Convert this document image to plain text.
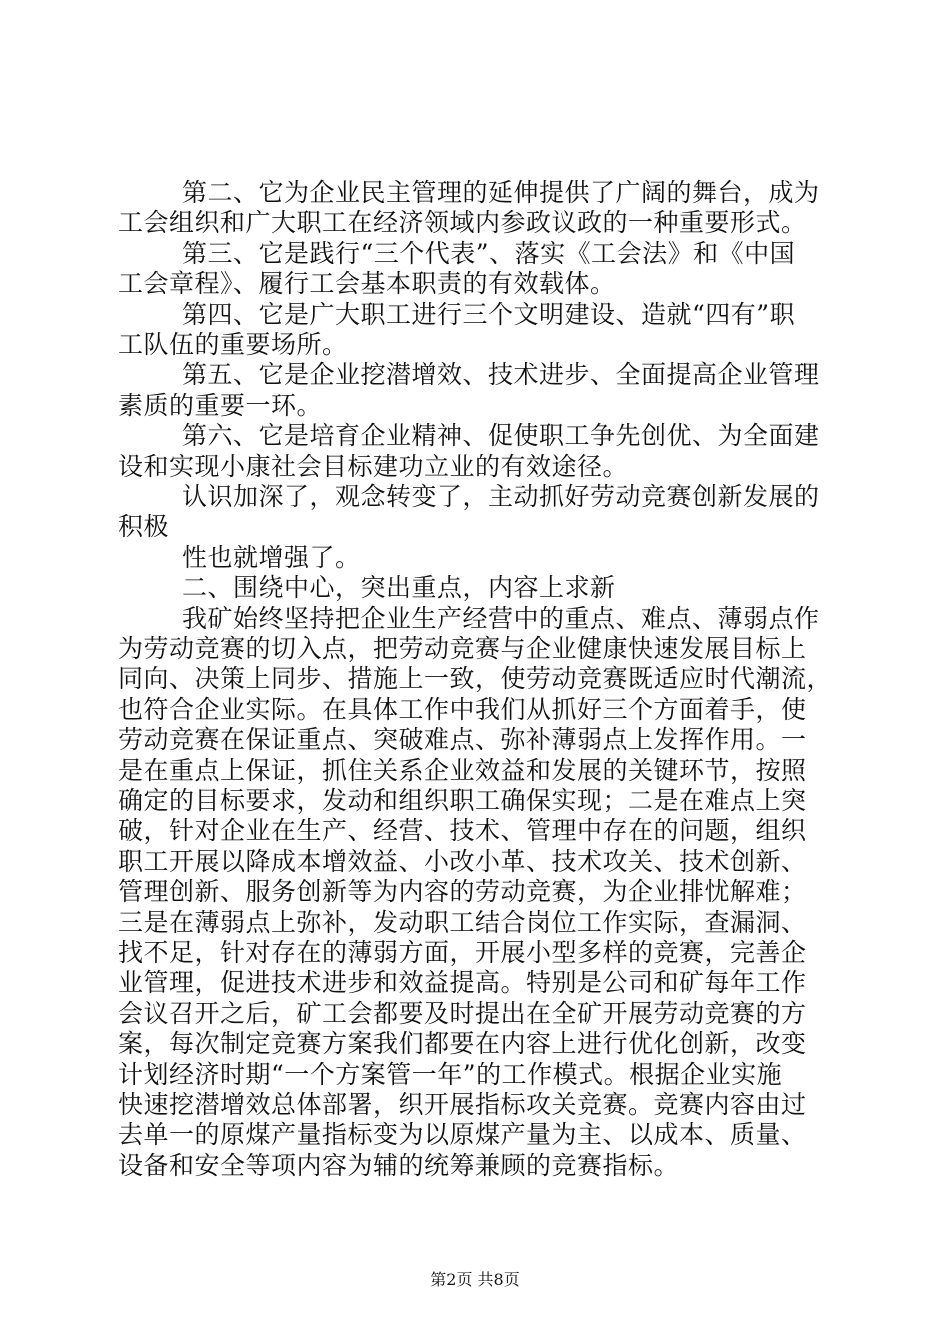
第二、它为企业民主管理的延伸提供了广阔的舞台，成为
工会组织和广大职工在经济领域内参政议政的一种重要形式。
第三、它是践行“三个代表”、落实《工会法》和《中国
工会章程》、履行工会基本职责的有效载体。
第四、它是广大职工进行三个文明建设、造就“四有”职
工队伍的重要场所。
第五、它是企业挖潜增效、技术进步、全面提高企业管理
素质的重要一环。
第六、它是培育企业精神、促使职工争先创优、为全面建
设和实现小康社会目标建功立业的有效途径。
认识加深了，观念转变了，主动抓好劳动竞赛创新发展的
积极
性也就增强了。
二、围绕中心，突出重点，内容上求新
我矿始终坚持把企业生产经营中的重点、难点、薄弱点作
为劳动竞赛的切入点，把劳动竞赛与企业健康快速发展目标上
同向、决策上同步、措施上一致，使劳动竞赛既适应时代潮流，
也符合企业实际。在具体工作中我们从抓好三个方面着手，使
劳动竞赛在保证重点、突破难点、弥补薄弱点上发挥作用。一
是在重点上保证，抓住关系企业效益和发展的关键环节，按照
确定的目标要求，发动和组织职工确保实现；二是在难点上突
破，针对企业在生产、经营、技术、管理中存在的问题，组织
职工开展以降成本增效益、小改小革、技术攻关、技术创新、
管理创新、服务创新等为内容的劳动竞赛，为企业排忧解难；
三是在薄弱点上弥补，发动职工结合岗位工作实际，查漏洞、
找不足，针对存在的薄弱方面，开展小型多样的竞赛，完善企
业管理，促进技术进步和效益提高。特别是公司和矿每年工作
会议召开之后，矿工会都要及时提出在全矿开展劳动竞赛的方
案，每次制定竞赛方案我们都要在内容上进行优化创新，改变
计划经济时期“一个方案管一年”的工作模式。根据企业实施
快速挖潜增效总体部署，织开展指标攻关竞赛。竞赛内容由过
去单一的原煤产量指标变为以原煤产量为主、以成本、质量、
第2页 共8页
设备和安全等项内容为辅的统筹兼顾的竞赛指标。
